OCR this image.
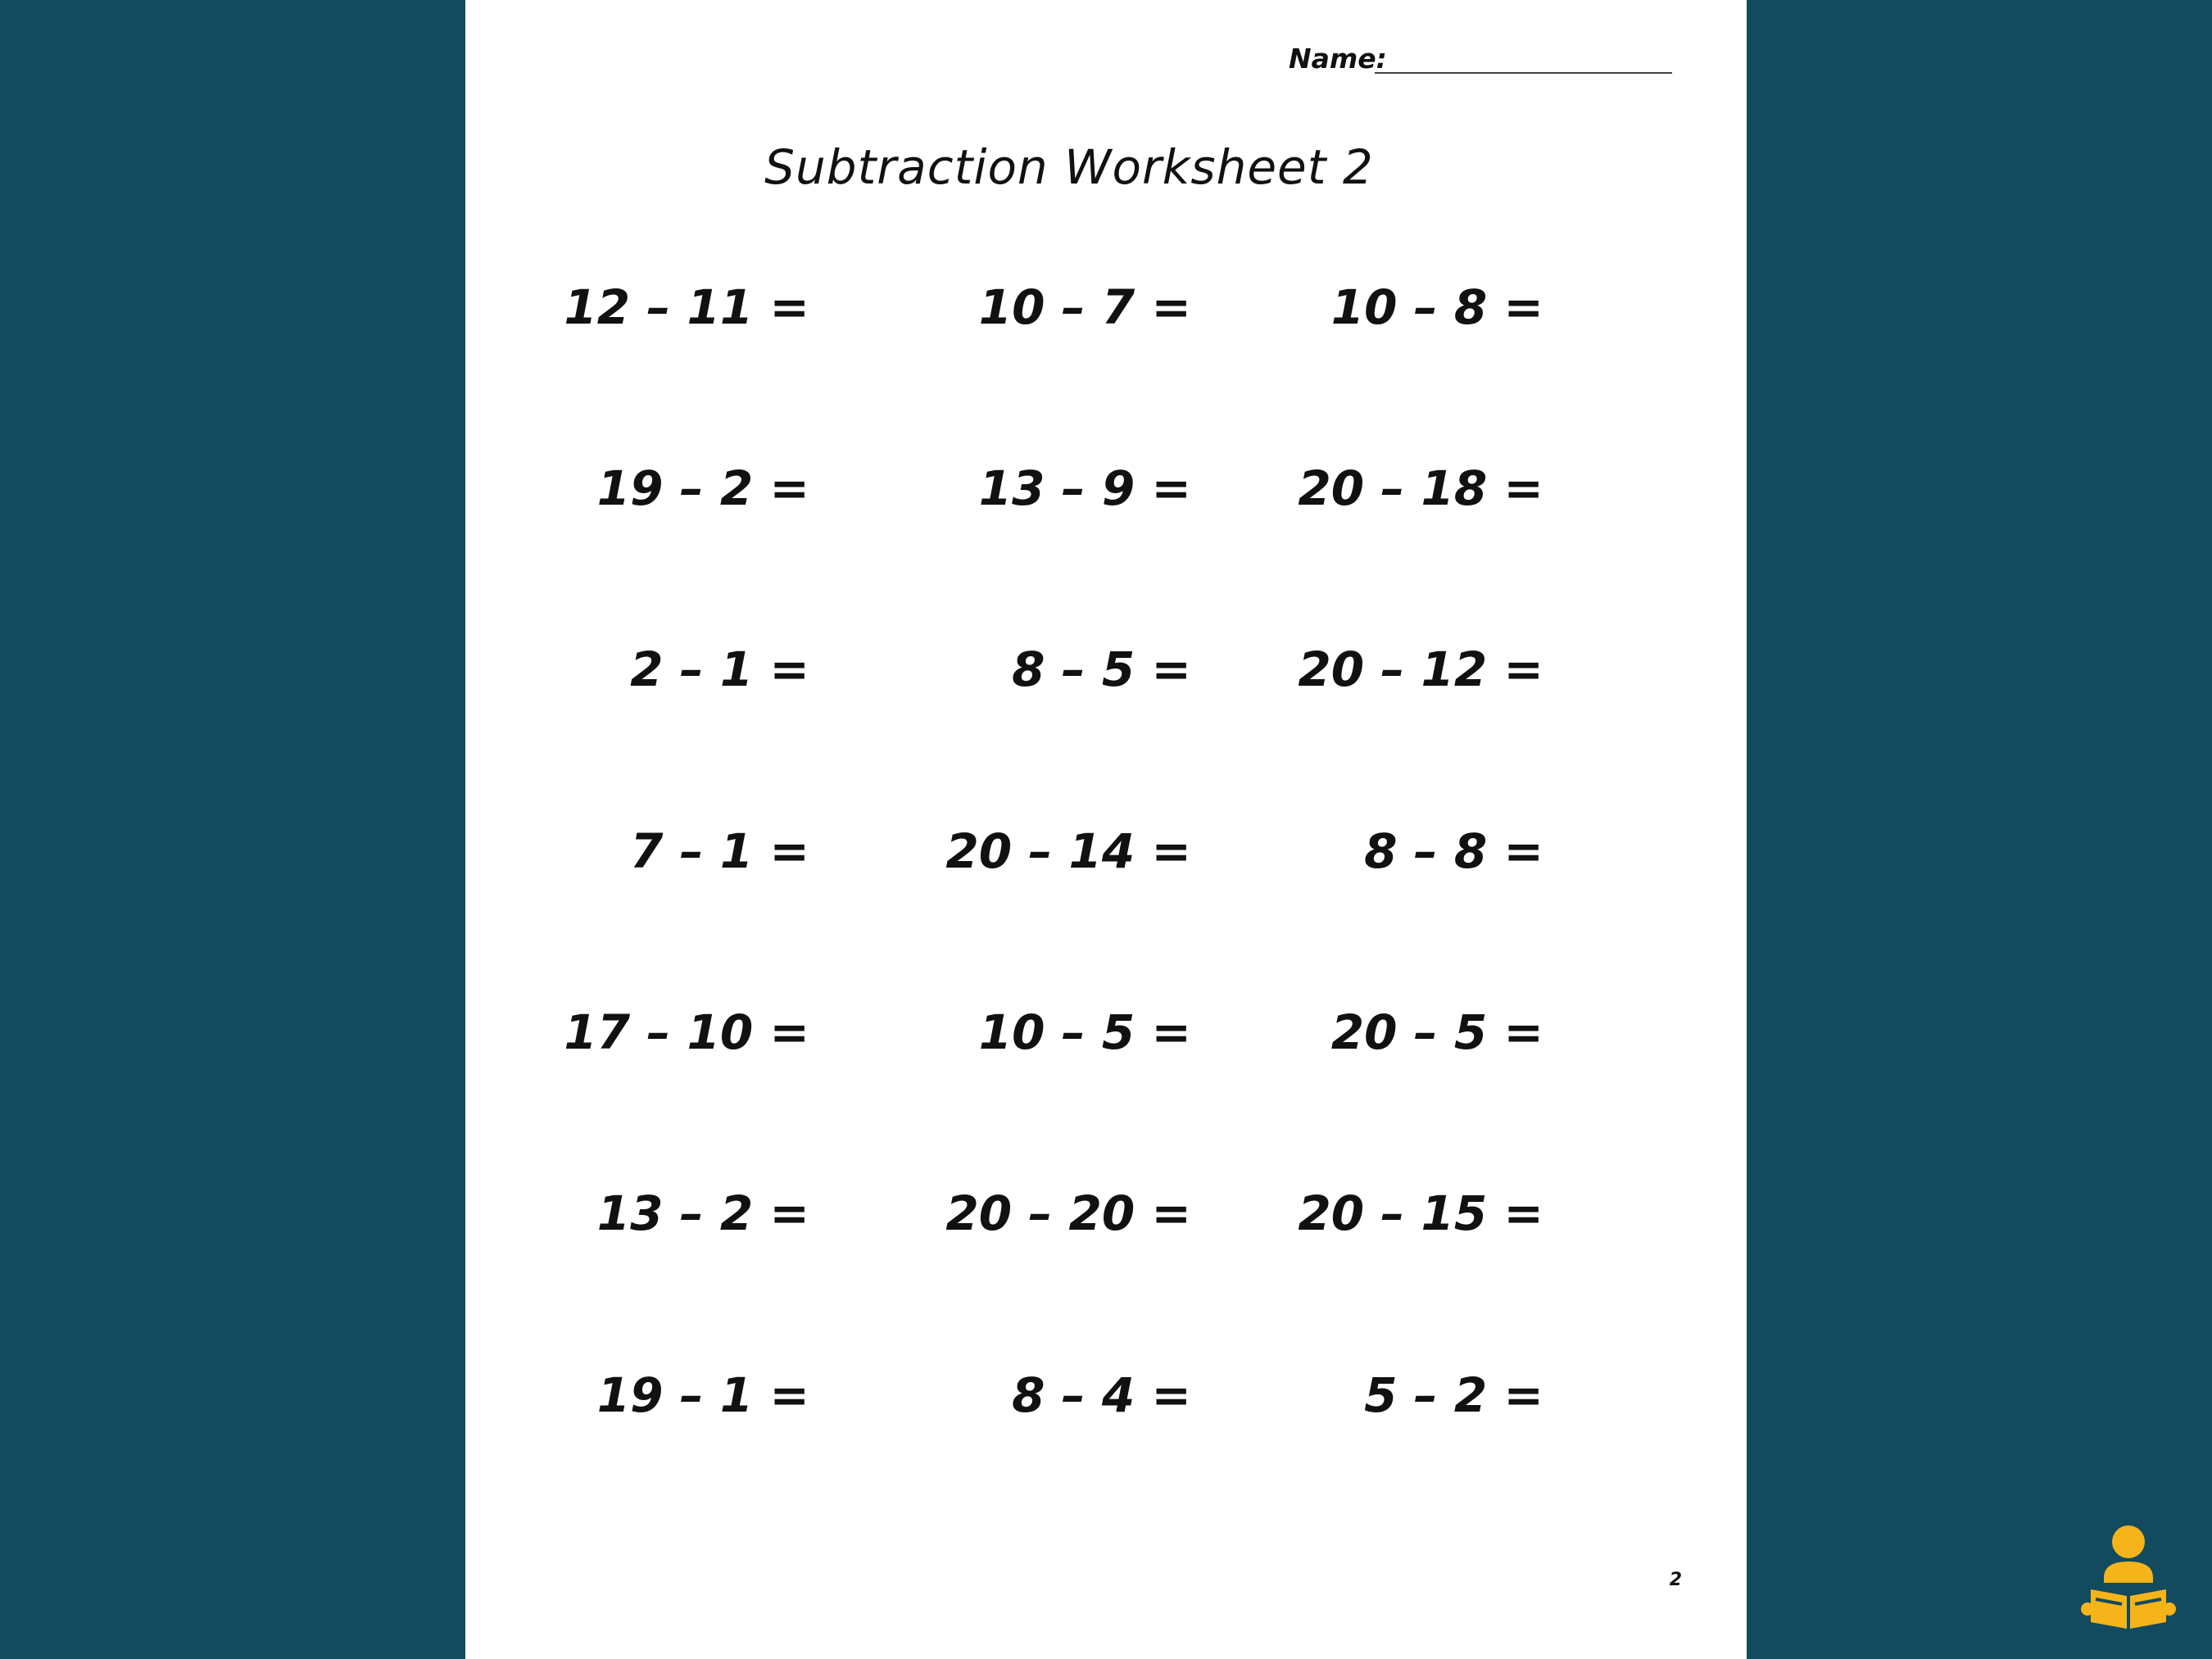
Name:
Subtraction Worksheet 2
12 – 11 =	10 – 7 =	10 – 8 =
19 – 2 =	13 – 9 =	20 – 18 =
2 – 1 =	8 – 5 =	20 – 12 =
7 – 1 =	20 – 14 =	8 – 8 =
17 – 10 =	10 – 5 =	20 – 5 =
13 – 2 =	20 – 20 =	20 – 15 =
19 – 1 =	8 – 4 =	5 – 2 =
2
